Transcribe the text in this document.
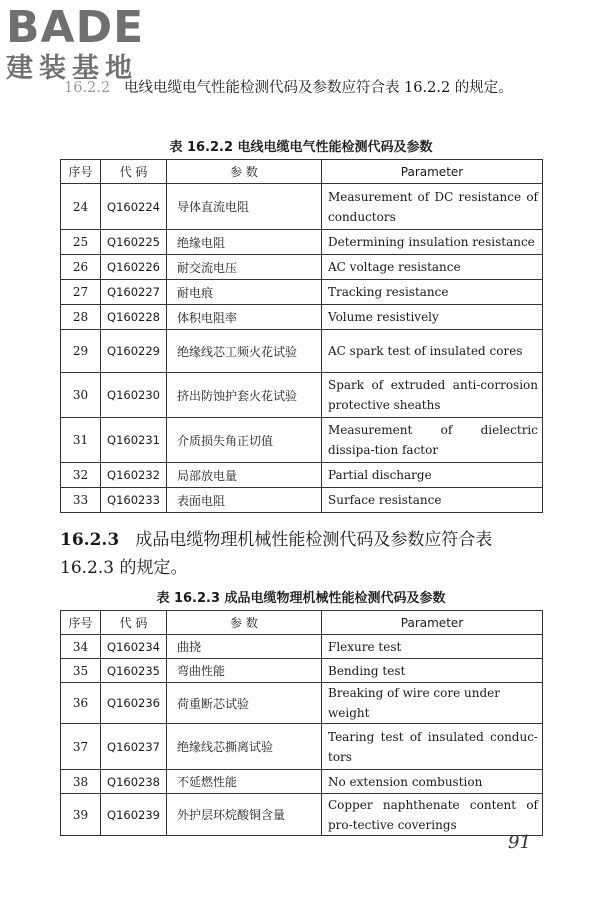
BADE
建装基地
16.2.2 电线电缆电气性能检测代码及参数应符合表 16.2.2 的规定。
表 16.2.2 电线电缆电气性能检测代码及参数
序号	代 码	参 数	Parameter
24	Q160224	导体直流电阻	Measurement of DC resistance of conductors
25	Q160225	绝缘电阻	Determining insulation resistance
26	Q160226	耐交流电压	AC voltage resistance
27	Q160227	耐电痕	Tracking resistance
28	Q160228	体积电阻率	Volume resistively
29	Q160229	绝缘线芯工频火花试验	AC spark test of insulated cores
30	Q160230	挤出防蚀护套火花试验	Spark of extruded anti-corrosion protective sheaths
31	Q160231	介质损失角正切值	Measurement of dielectric dissipa-tion factor
32	Q160232	局部放电量	Partial discharge
33	Q160233	表面电阻	Surface resistance
16.2.3 成品电缆物理机械性能检测代码及参数应符合表 16.2.3 的规定。
表 16.2.3 成品电缆物理机械性能检测代码及参数
序号	代 码	参 数	Parameter
34	Q160234	曲挠	Flexure test
35	Q160235	弯曲性能	Bending test
36	Q160236	荷重断芯试验	Breaking of wire core under weight
37	Q160237	绝缘线芯撕离试验	Tearing test of insulated conduc-tors
38	Q160238	不延燃性能	No extension combustion
39	Q160239	外护层环烷酸铜含量	Copper naphthenate content of pro-tective coverings
91
